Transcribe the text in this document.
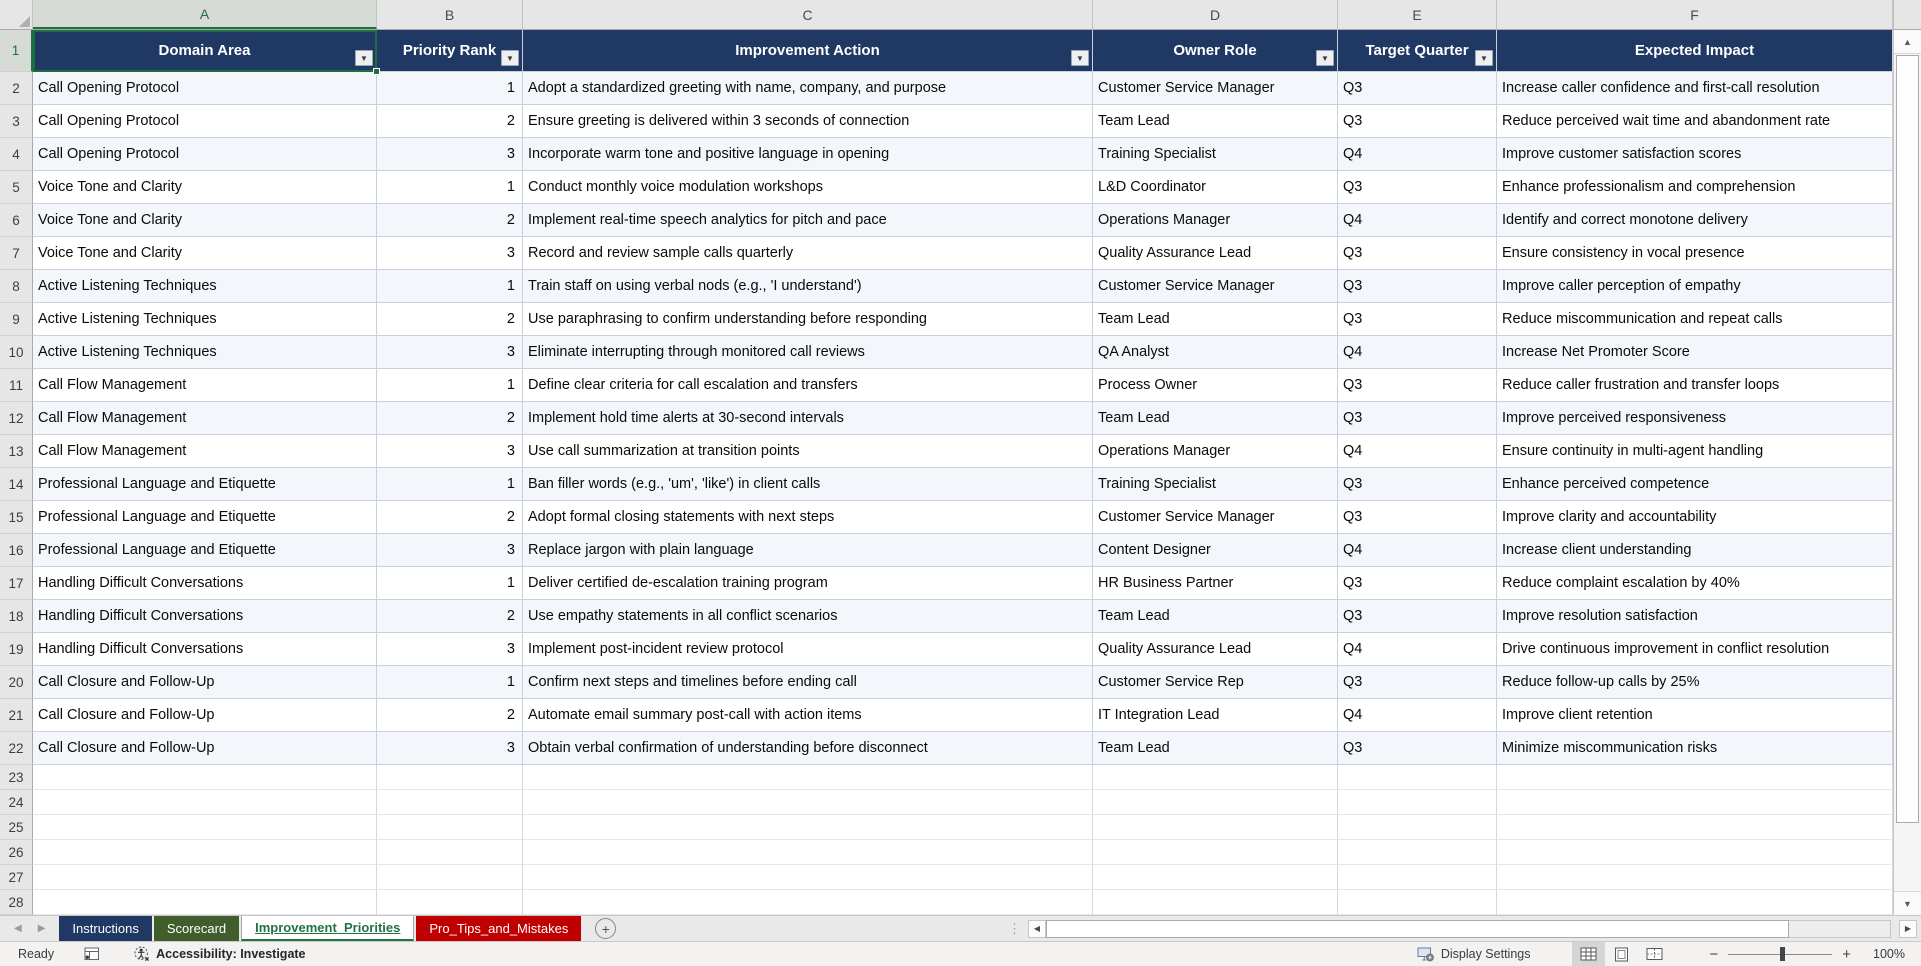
A	B	C	D	E	F
1	Domain Area	▼	Priority Rank	▼	Improvement Action	▼	Owner Role	▼	Target Quarter	▼	Expected Impact
2	Call Opening Protocol	1 Adopt a standardized greeting with name, company, and purpose	Customer Service Manager	Q3	Increase caller confidence and first-call resolution
3	Call Opening Protocol	2 Ensure greeting is delivered within 3 seconds of connection	Team Lead	Q3	Reduce perceived wait time and abandonment rate
4	Call Opening Protocol	3 Incorporate warm tone and positive language in opening	Training Specialist	Q4	Improve customer satisfaction scores
5	Voice Tone and Clarity	1 Conduct monthly voice modulation workshops	L&D Coordinator	Q3	Enhance professionalism and comprehension
6	Voice Tone and Clarity	2 Implement real-time speech analytics for pitch and pace	Operations Manager	Q4	Identify and correct monotone delivery
7	Voice Tone and Clarity	3 Record and review sample calls quarterly	Quality Assurance Lead	Q3	Ensure consistency in vocal presence
8	Active Listening Techniques	1 Train staff on using verbal nods (e.g., 'I understand')	Customer Service Manager	Q3	Improve caller perception of empathy
9	Active Listening Techniques	2 Use paraphrasing to confirm understanding before responding	Team Lead	Q3	Reduce miscommunication and repeat calls
10 Active Listening Techniques	3 Eliminate interrupting through monitored call reviews	QA Analyst	Q4	Increase Net Promoter Score
11	Call Flow Management	1 Define clear criteria for call escalation and transfers	Process Owner	Q3	Reduce caller frustration and transfer loops
12 Call Flow Management	2 Implement hold time alerts at 30-second intervals	Team Lead	Q3	Improve perceived responsiveness
13 Call Flow Management	3 Use call summarization at transition points	Operations Manager	Q4	Ensure continuity in multi-agent handling
14 Professional Language and Etiquette	1 Ban filler words (e.g., 'um', 'like') in client calls	Training Specialist	Q3	Enhance perceived competence
15 Professional Language and Etiquette	2 Adopt formal closing statements with next steps	Customer Service Manager	Q3	Improve clarity and accountability
16 Professional Language and Etiquette	3 Replace jargon with plain language	Content Designer	Q4	Increase client understanding
17 Handling Difficult Conversations	1 Deliver certified de-escalation training program	HR Business Partner	Q3	Reduce complaint escalation by 40%
18 Handling Difficult Conversations	2 Use empathy statements in all conflict scenarios	Team Lead	Q3	Improve resolution satisfaction
19 Handling Difficult Conversations	3 Implement post-incident review protocol	Quality Assurance Lead	Q4	Drive continuous improvement in conflict resolution
20 Call Closure and Follow-Up	1 Confirm next steps and timelines before ending call	Customer Service Rep	Q3	Reduce follow-up calls by 25%
21 Call Closure and Follow-Up	2 Automate email summary post-call with action items	IT Integration Lead	Q4	Improve client retention
22 Call Closure and Follow-Up	3 Obtain verbal confirmation of understanding before disconnect	Team Lead	Q3	Minimize miscommunication risks
23
24
25
26
27
28
▲
▼
◀ ▶	Instructions	Scorecard	Improvement_Priorities	Pro_Tips_and_Mistakes	+	⋮	◀	▶
Ready	Accessibility: Investigate	Display Settings	−	+	100%
